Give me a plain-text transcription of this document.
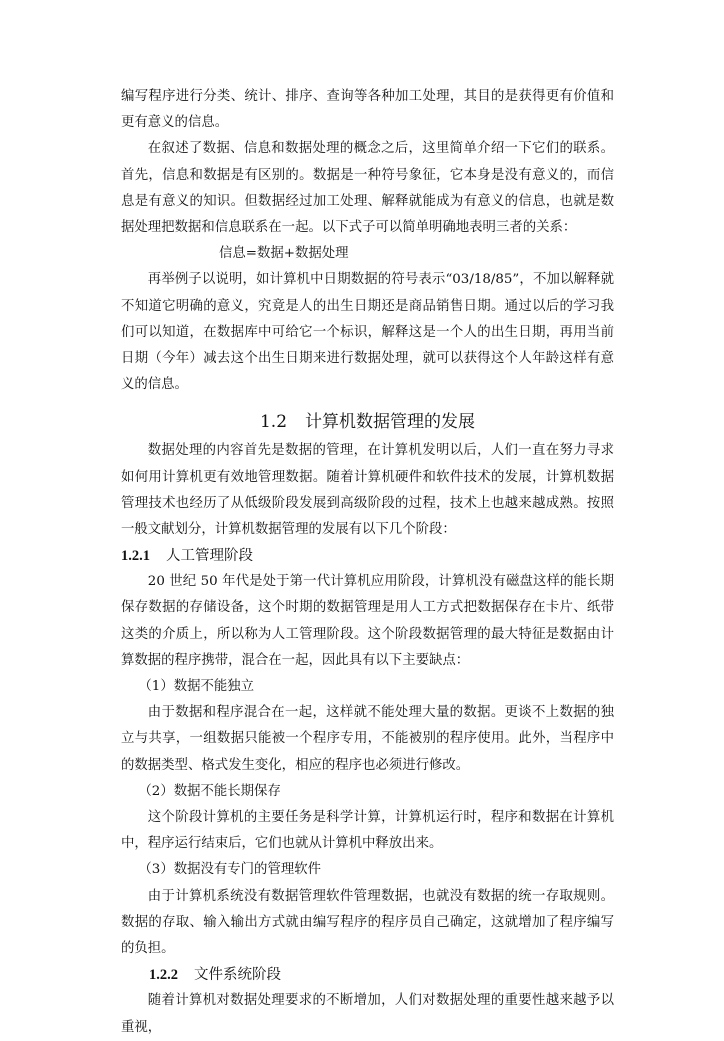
编写程序进行分类、统计、排序、查询等各种加工处理，其目的是获得更有价值和更有意义的信息。

在叙述了数据、信息和数据处理的概念之后，这里简单介绍一下它们的联系。首先，信息和数据是有区别的。数据是一种符号象征，它本身是没有意义的，而信息是有意义的知识。但数据经过加工处理、解释就能成为有意义的信息，也就是数据处理把数据和信息联系在一起。以下式子可以简单明确地表明三者的关系：

信息=数据+数据处理

再举例子以说明，如计算机中日期数据的符号表示“03/18/85”，不加以解释就不知道它明确的意义，究竟是人的出生日期还是商品销售日期。通过以后的学习我们可以知道，在数据库中可给它一个标识，解释这是一个人的出生日期，再用当前日期（今年）减去这个出生日期来进行数据处理，就可以获得这个人年龄这样有意义的信息。

1.2 计算机数据管理的发展

数据处理的内容首先是数据的管理，在计算机发明以后，人们一直在努力寻求如何用计算机更有效地管理数据。随着计算机硬件和软件技术的发展，计算机数据管理技术也经历了从低级阶段发展到高级阶段的过程，技术上也越来越成熟。按照一般文献划分，计算机数据管理的发展有以下几个阶段：

1.2.1 人工管理阶段

20 世纪 50 年代是处于第一代计算机应用阶段，计算机没有磁盘这样的能长期保存数据的存储设备，这个时期的数据管理是用人工方式把数据保存在卡片、纸带这类的介质上，所以称为人工管理阶段。这个阶段数据管理的最大特征是数据由计算数据的程序携带，混合在一起，因此具有以下主要缺点：

（1）数据不能独立

由于数据和程序混合在一起，这样就不能处理大量的数据。更谈不上数据的独立与共享，一组数据只能被一个程序专用，不能被别的程序使用。此外，当程序中的数据类型、格式发生变化，相应的程序也必须进行修改。

（2）数据不能长期保存

这个阶段计算机的主要任务是科学计算，计算机运行时，程序和数据在计算机中，程序运行结束后，它们也就从计算机中释放出来。

（3）数据没有专门的管理软件

由于计算机系统没有数据管理软件管理数据，也就没有数据的统一存取规则。数据的存取、输入输出方式就由编写程序的程序员自己确定，这就增加了程序编写的负担。

1.2.2 文件系统阶段

随着计算机对数据处理要求的不断增加，人们对数据处理的重要性越来越予以重视，
